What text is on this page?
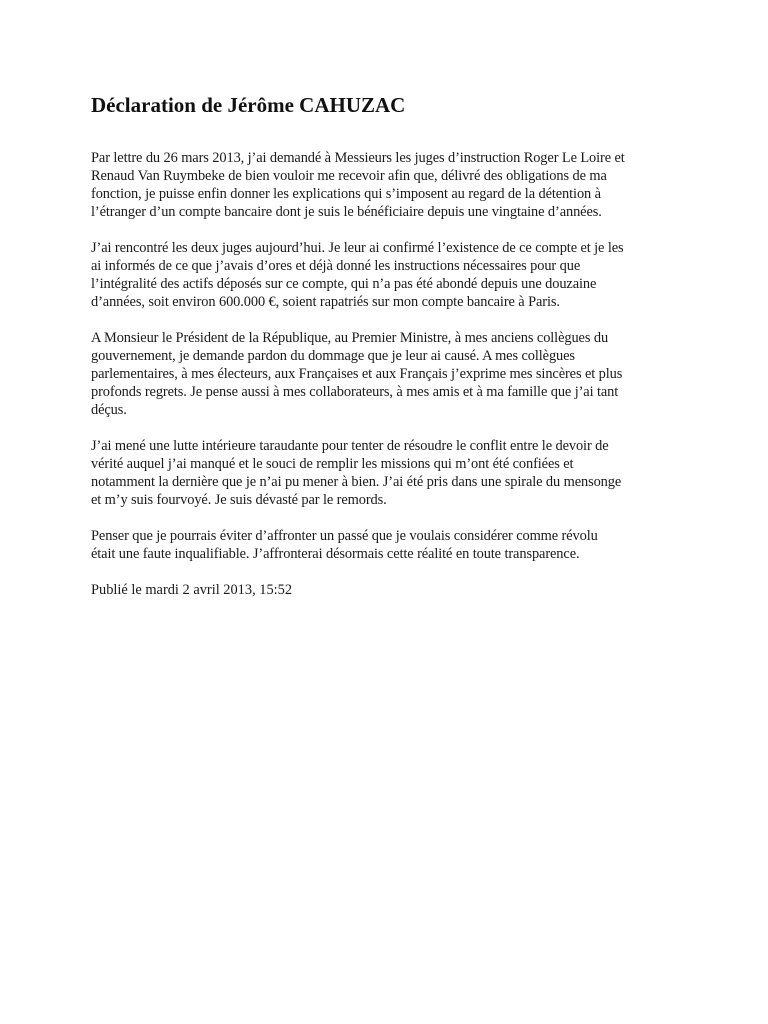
Déclaration de Jérôme CAHUZAC

Par lettre du 26 mars 2013, j’ai demandé à Messieurs les juges d’instruction Roger Le Loire et
Renaud Van Ruymbeke de bien vouloir me recevoir afin que, délivré des obligations de ma
fonction, je puisse enfin donner les explications qui s’imposent au regard de la détention à
l’étranger d’un compte bancaire dont je suis le bénéficiaire depuis une vingtaine d’années.

J’ai rencontré les deux juges aujourd’hui. Je leur ai confirmé l’existence de ce compte et je les
ai informés de ce que j’avais d’ores et déjà donné les instructions nécessaires pour que
l’intégralité des actifs déposés sur ce compte, qui n’a pas été abondé depuis une douzaine
d’années, soit environ 600.000 €, soient rapatriés sur mon compte bancaire à Paris.

A Monsieur le Président de la République, au Premier Ministre, à mes anciens collègues du
gouvernement, je demande pardon du dommage que je leur ai causé. A mes collègues
parlementaires, à mes électeurs, aux Françaises et aux Français j’exprime mes sincères et plus
profonds regrets. Je pense aussi à mes collaborateurs, à mes amis et à ma famille que j’ai tant
déçus.

J’ai mené une lutte intérieure taraudante pour tenter de résoudre le conflit entre le devoir de
vérité auquel j’ai manqué et le souci de remplir les missions qui m’ont été confiées et
notamment la dernière que je n’ai pu mener à bien. J’ai été pris dans une spirale du mensonge
et m’y suis fourvoyé. Je suis dévasté par le remords.

Penser que je pourrais éviter d’affronter un passé que je voulais considérer comme révolu
était une faute inqualifiable. J’affronterai désormais cette réalité en toute transparence.

Publié le mardi 2 avril 2013, 15:52
